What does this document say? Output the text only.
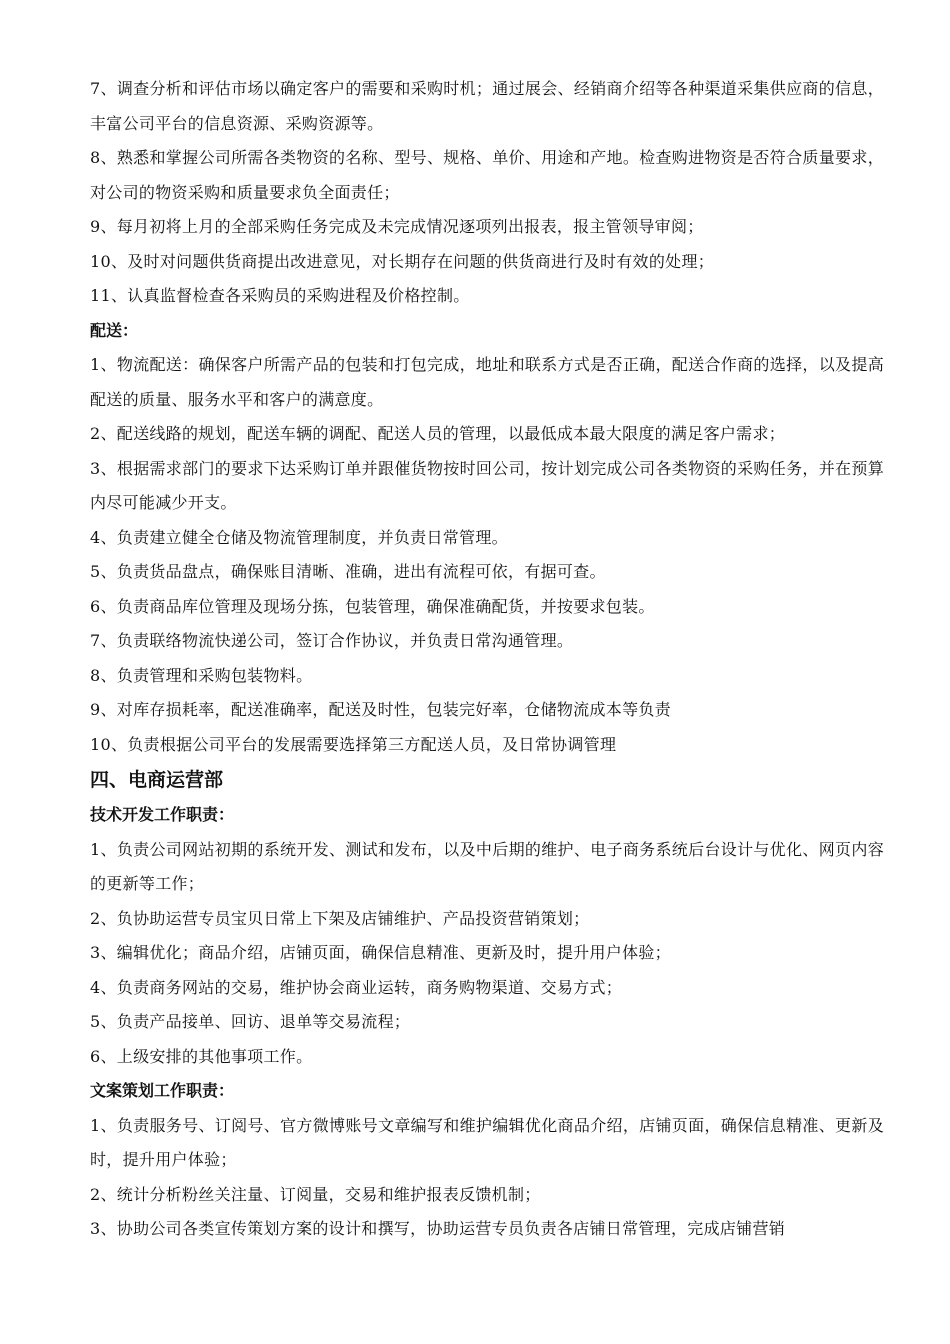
7、调查分析和评估市场以确定客户的需要和采购时机；通过展会、经销商介绍等各种渠道采集供应商的信息，丰富公司平台的信息资源、采购资源等。

8、熟悉和掌握公司所需各类物资的名称、型号、规格、单价、用途和产地。检查购进物资是否符合质量要求，对公司的物资采购和质量要求负全面责任；

9、每月初将上月的全部采购任务完成及未完成情况逐项列出报表，报主管领导审阅；

10、及时对问题供货商提出改进意见，对长期存在问题的供货商进行及时有效的处理；

11、认真监督检查各采购员的采购进程及价格控制。

配送：

1、物流配送：确保客户所需产品的包装和打包完成，地址和联系方式是否正确，配送合作商的选择，以及提高配送的质量、服务水平和客户的满意度。

2、配送线路的规划，配送车辆的调配、配送人员的管理，以最低成本最大限度的满足客户需求；

3、根据需求部门的要求下达采购订单并跟催货物按时回公司，按计划完成公司各类物资的采购任务，并在预算内尽可能减少开支。

4、负责建立健全仓储及物流管理制度，并负责日常管理。

5、负责货品盘点，确保账目清晰、准确，进出有流程可依，有据可查。

6、负责商品库位管理及现场分拣，包装管理，确保准确配货，并按要求包装。

7、负责联络物流快递公司，签订合作协议，并负责日常沟通管理。

8、负责管理和采购包装物料。

9、对库存损耗率，配送准确率，配送及时性，包装完好率，仓储物流成本等负责

10、负责根据公司平台的发展需要选择第三方配送人员，及日常协调管理

四、电商运营部

技术开发工作职责：

1、负责公司网站初期的系统开发、测试和发布，以及中后期的维护、电子商务系统后台设计与优化、网页内容的更新等工作；

2、负协助运营专员宝贝日常上下架及店铺维护、产品投资营销策划；

3、编辑优化；商品介绍，店铺页面，确保信息精准、更新及时，提升用户体验；

4、负责商务网站的交易，维护协会商业运转，商务购物渠道、交易方式；

5、负责产品接单、回访、退单等交易流程；

6、上级安排的其他事项工作。

文案策划工作职责：

1、负责服务号、订阅号、官方微博账号文章编写和维护编辑优化商品介绍，店铺页面，确保信息精准、更新及时，提升用户体验；

2、统计分析粉丝关注量、订阅量，交易和维护报表反馈机制；

3、协助公司各类宣传策划方案的设计和撰写，协助运营专员负责各店铺日常管理，完成店铺营销
